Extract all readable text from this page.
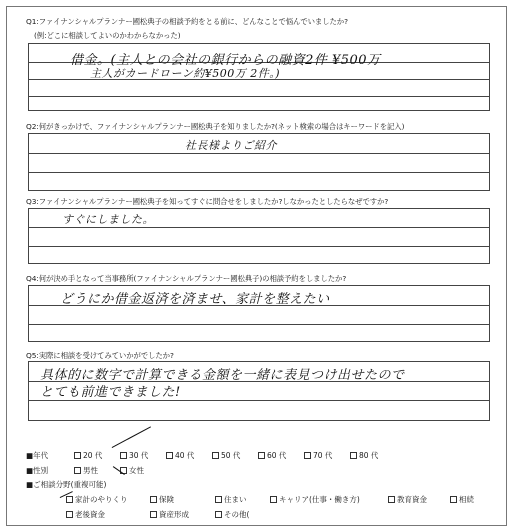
Q1:ファイナンシャルプランナー國松典子の相談予約をとる前に、どんなことで悩んでいましたか?
(例:どこに相談してよいのかわからなかった)
借金。(主人との会社の銀行からの融資2件 ¥500万
主人がカードローン約¥500万 2件。)
Q2:何がきっかけで、ファイナンシャルプランナー國松典子を知りましたか?(ネット検索の場合はキーワードを記入)
社長様よりご紹介
Q3:ファイナンシャルプランナー國松典子を知ってすぐに問合せをしましたか?しなかったとしたらなぜですか?
すぐにしました。
Q4:何が決め手となって当事務所(ファイナンシャルプランナー國松典子)の相談予約をしましたか?
どうにか借金返済を済ませ、家計を整えたい
Q5:実際に相談を受けてみていかがでしたか?
具体的に数字で計算できる金額を一緒に表見つけ出せたので
とても前進できました!
■年代	20 代	30 代	40 代	50 代	60 代	70 代	80 代
■性別	男性	女性
■ご相談分野(重複可能)
家計のやりくり	保険	住まい	キャリア(仕事・働き方)	教育資金	相続
老後資金	資産形成	その他(
